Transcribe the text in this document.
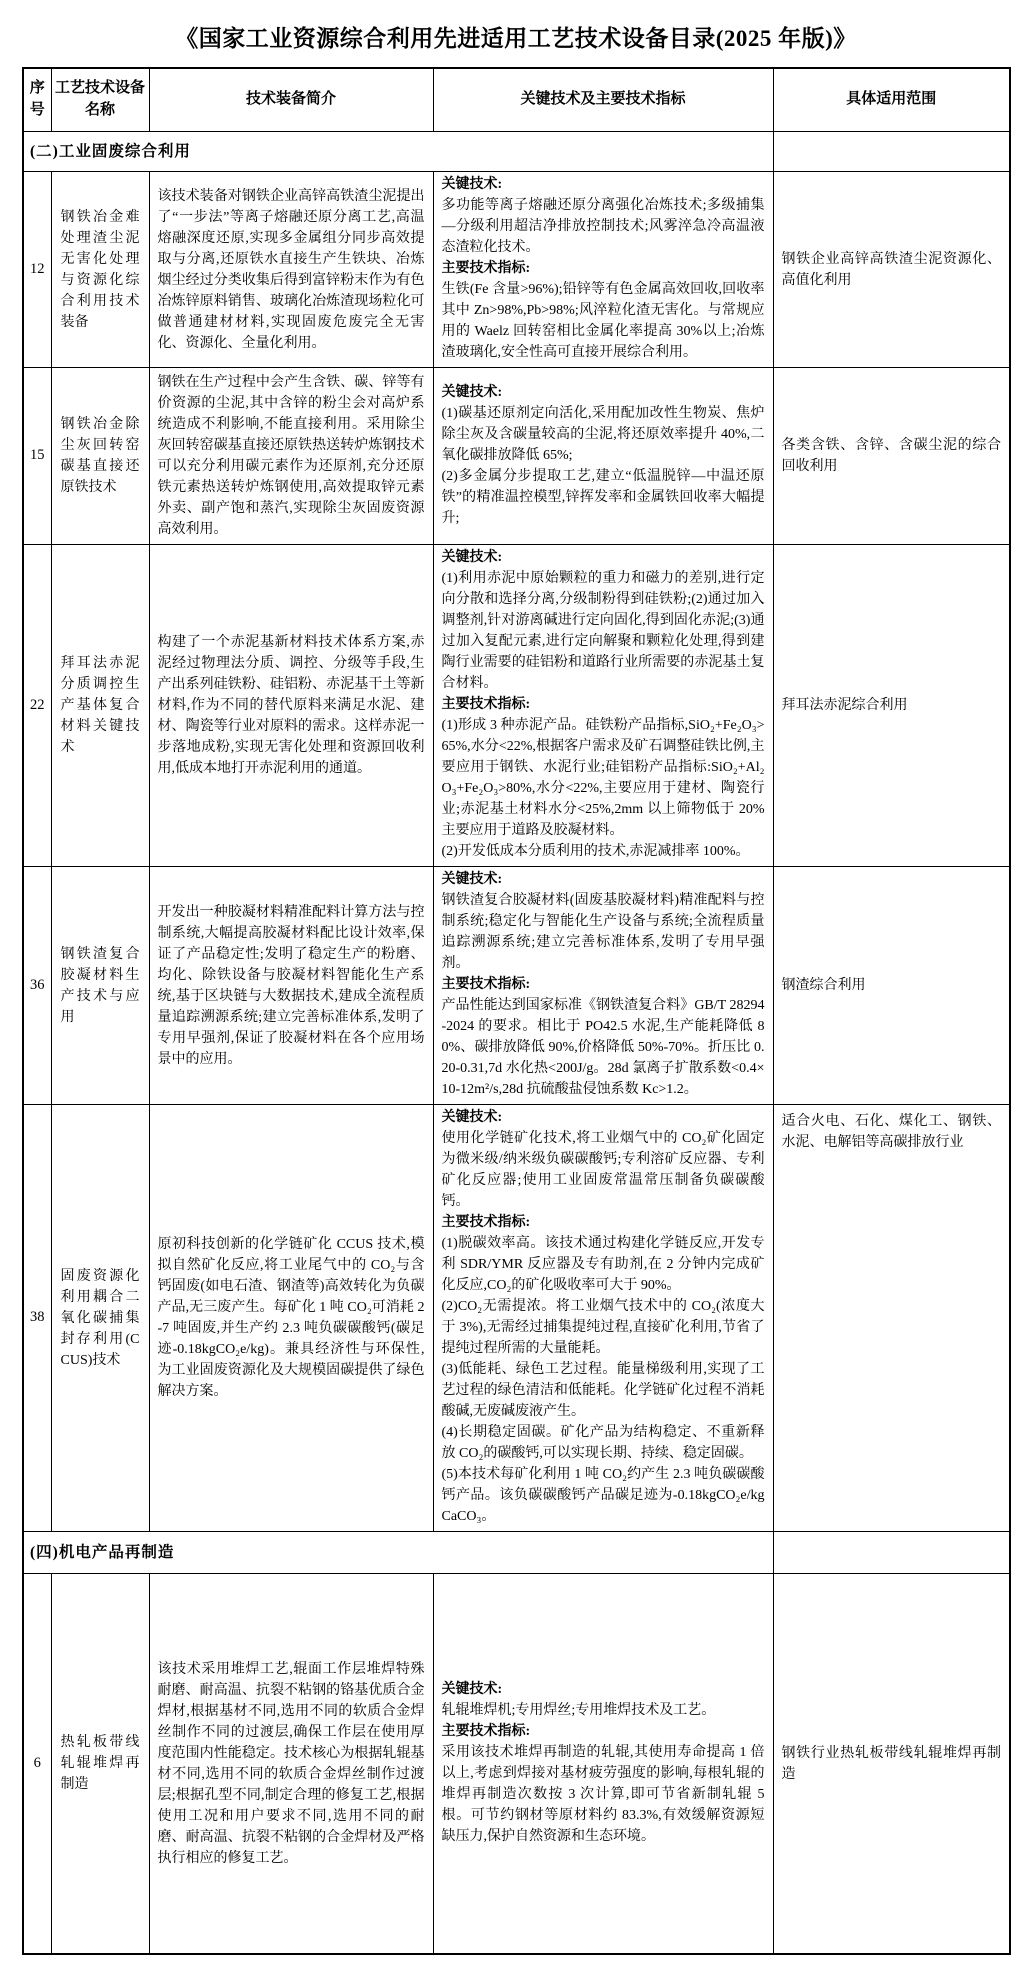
《国家工业资源综合利用先进适用工艺技术设备目录(2025 年版)》
序号	工艺技术设备名称	技术装备简介	关键技术及主要技术指标	具体适用范围
(二)工业固废综合利用				
12	钢铁冶金难处理渣尘泥无害化处理与资源化综合利用技术装备	该技术装备对钢铁企业高锌高铁渣尘泥提出了“一步法”等离子熔融还原分离工艺,高温熔融深度还原,实现多金属组分同步高效提取与分离,还原铁水直接生产生铁块、冶炼烟尘经过分类收集后得到富锌粉末作为有色冶炼锌原料销售、玻璃化冶炼渣现场粒化可做普通建材材料,实现固废危废完全无害化、资源化、全量化利用。	关键技术:
多功能等离子熔融还原分离强化冶炼技术;多级捕集—分级利用超洁净排放控制技术;风雾淬急冷高温液态渣粒化技术。
主要技术指标:
生铁(Fe 含量>96%);铅锌等有色金属高效回收,回收率其中 Zn>98%,Pb>98%;风淬粒化渣无害化。与常规应用的 Waelz 回转窑相比金属化率提高 30%以上;冶炼渣玻璃化,安全性高可直接开展综合利用。	钢铁企业高锌高铁渣尘泥资源化、高值化利用
15	钢铁冶金除尘灰回转窑碳基直接还原铁技术	钢铁在生产过程中会产生含铁、碳、锌等有价资源的尘泥,其中含锌的粉尘会对高炉系统造成不利影响,不能直接利用。采用除尘灰回转窑碳基直接还原铁热送转炉炼钢技术可以充分利用碳元素作为还原剂,充分还原铁元素热送转炉炼钢使用,高效提取锌元素外卖、副产饱和蒸汽,实现除尘灰固废资源高效利用。	关键技术:
(1)碳基还原剂定向活化,采用配加改性生物炭、焦炉除尘灰及含碳量较高的尘泥,将还原效率提升 40%,二氧化碳排放降低 65%;
(2)多金属分步提取工艺,建立“低温脱锌—中温还原铁”的精准温控模型,锌挥发率和金属铁回收率大幅提升;	各类含铁、含锌、含碳尘泥的综合回收利用
22	拜耳法赤泥分质调控生产基体复合材料关键技术	构建了一个赤泥基新材料技术体系方案,赤泥经过物理法分质、调控、分级等手段,生产出系列硅铁粉、硅铝粉、赤泥基干土等新材料,作为不同的替代原料来满足水泥、建材、陶瓷等行业对原料的需求。这样赤泥一步落地成粉,实现无害化处理和资源回收利用,低成本地打开赤泥利用的通道。	关键技术:
(1)利用赤泥中原始颗粒的重力和磁力的差别,进行定向分散和选择分离,分级制粉得到硅铁粉;(2)通过加入调整剂,针对游离碱进行定向固化,得到固化赤泥;(3)通过加入复配元素,进行定向解聚和颗粒化处理,得到建陶行业需要的硅铝粉和道路行业所需要的赤泥基土复合材料。
主要技术指标:
(1)形成 3 种赤泥产品。硅铁粉产品指标,SiO₂+Fe₂O₃>65%,水分<22%,根据客户需求及矿石调整硅铁比例,主要应用于钢铁、水泥行业;硅铝粉产品指标:SiO₂+Al₂O₃+Fe₂O₃>80%,水分<22%,主要应用于建材、陶瓷行业;赤泥基土材料水分<25%,2mm 以上筛物低于 20%主要应用于道路及胶凝材料。
(2)开发低成本分质利用的技术,赤泥减排率 100%。	拜耳法赤泥综合利用
36	钢铁渣复合胶凝材料生产技术与应用	开发出一种胶凝材料精准配料计算方法与控制系统,大幅提高胶凝材料配比设计效率,保证了产品稳定性;发明了稳定生产的粉磨、均化、除铁设备与胶凝材料智能化生产系统,基于区块链与大数据技术,建成全流程质量追踪溯源系统;建立完善标准体系,发明了专用早强剂,保证了胶凝材料在各个应用场景中的应用。	关键技术:
钢铁渣复合胶凝材料(固废基胶凝材料)精准配料与控制系统;稳定化与智能化生产设备与系统;全流程质量追踪溯源系统;建立完善标准体系,发明了专用早强剂。
主要技术指标:
产品性能达到国家标准《钢铁渣复合料》GB/T 28294-2024 的要求。相比于 PO42.5 水泥,生产能耗降低 80%、碳排放降低 90%,价格降低 50%-70%。折压比 0.20-0.31,7d 水化热<200J/g。28d 氯离子扩散系数<0.4×10-12m²/s,28d 抗硫酸盐侵蚀系数 Kc>1.2。	钢渣综合利用
38	固废资源化利用耦合二氧化碳捕集封存利用(CCUS)技术	原初科技创新的化学链矿化 CCUS 技术,模拟自然矿化反应,将工业尾气中的 CO₂与含钙固废(如电石渣、钢渣等)高效转化为负碳产品,无三废产生。每矿化 1 吨 CO₂可消耗 2-7 吨固废,并生产约 2.3 吨负碳碳酸钙(碳足迹-0.18kgCO₂e/kg)。兼具经济性与环保性,为工业固废资源化及大规模固碳提供了绿色解决方案。	
关键技术:
使用化学链矿化技术,将工业烟气中的 CO₂矿化固定为微米级/纳米级负碳碳酸钙;专利溶矿反应器、专利矿化反应器;使用工业固废常温常压制备负碳碳酸钙。
主要技术指标:
(1)脱碳效率高。该技术通过构建化学链反应,开发专利 SDR/YMR 反应器及专有助剂,在 2 分钟内完成矿化反应,CO₂的矿化吸收率可大于 90%。
(2)CO₂无需提浓。将工业烟气技术中的 CO₂(浓度大于 3%),无需经过捕集提纯过程,直接矿化利用,节省了提纯过程所需的大量能耗。
(3)低能耗、绿色工艺过程。能量梯级利用,实现了工艺过程的绿色清洁和低能耗。化学链矿化过程不消耗酸碱,无废碱废液产生。
(4)长期稳定固碳。矿化产品为结构稳定、不重新释放 CO₂的碳酸钙,可以实现长期、持续、稳定固碳。
(5)本技术每矿化利用 1 吨 CO₂约产生 2.3 吨负碳碳酸钙产品。该负碳碳酸钙产品碳足迹为-0.18kgCO₂e/kgCaCO₃。
	适合火电、石化、煤化工、钢铁、水泥、电解铝等高碳排放行业
(四)机电产品再制造				
6	热轧板带线轧辊堆焊再制造	该技术采用堆焊工艺,辊面工作层堆焊特殊耐磨、耐高温、抗裂不粘钢的铬基优质合金焊材,根据基材不同,选用不同的软质合金焊丝制作不同的过渡层,确保工作层在使用厚度范围内性能稳定。技术核心为根据轧辊基材不同,选用不同的软质合金焊丝制作过渡层;根据孔型不同,制定合理的修复工艺,根据使用工况和用户要求不同,选用不同的耐磨、耐高温、抗裂不粘钢的合金焊材及严格执行相应的修复工艺。	关键技术:
轧辊堆焊机;专用焊丝;专用堆焊技术及工艺。
主要技术指标:
采用该技术堆焊再制造的轧辊,其使用寿命提高 1 倍以上,考虑到焊接对基材疲劳强度的影响,每根轧辊的堆焊再制造次数按 3 次计算,即可节省新制轧辊 5 根。可节约钢材等原材料约 83.3%,有效缓解资源短缺压力,保护自然资源和生态环境。	钢铁行业热轧板带线轧辊堆焊再制造
